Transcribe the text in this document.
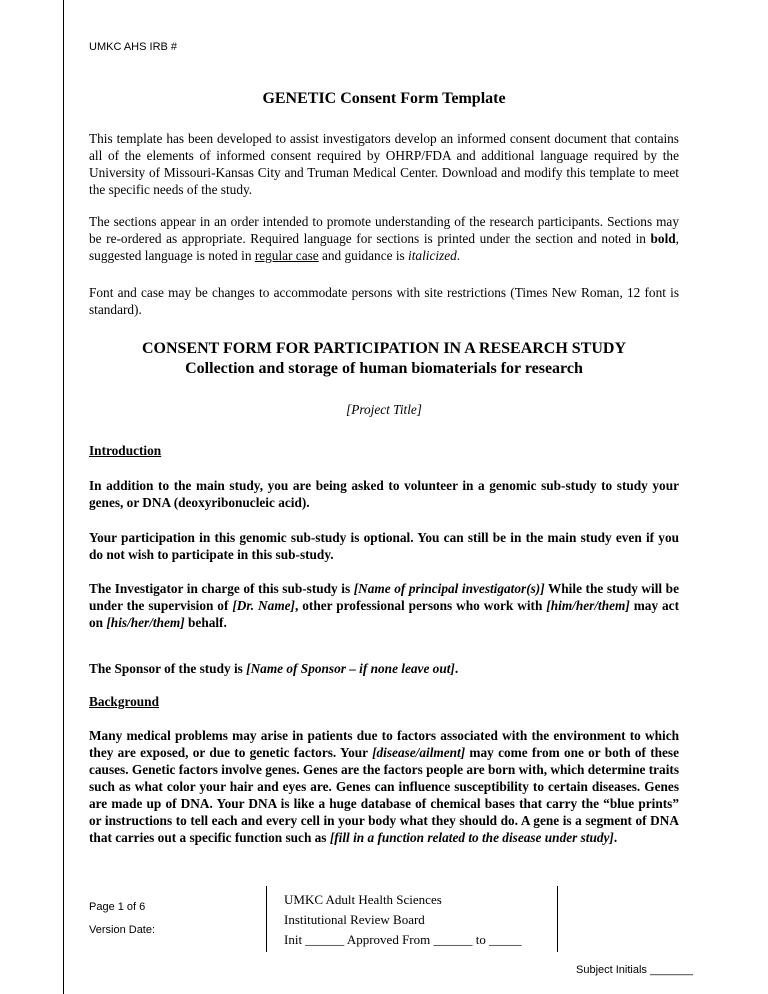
UMKC AHS IRB #
GENETIC Consent Form Template

This template has been developed to assist investigators develop an informed consent document that contains all of the elements of informed consent required by OHRP/FDA and additional language required by the University of Missouri-Kansas City and Truman Medical Center. Download and modify this template to meet the specific needs of the study.

The sections appear in an order intended to promote understanding of the research participants. Sections may be re-ordered as appropriate. Required language for sections is printed under the section and noted in bold, suggested language is noted in regular case and guidance is italicized.

Font and case may be changes to accommodate persons with site restrictions (Times New Roman, 12 font is standard).

CONSENT FORM FOR PARTICIPATION IN A RESEARCH STUDY
Collection and storage of human biomaterials for research
[Project Title]
Introduction

In addition to the main study, you are being asked to volunteer in a genomic sub-study to study your genes, or DNA (deoxyribonucleic acid).

Your participation in this genomic sub-study is optional. You can still be in the main study even if you do not wish to participate in this sub-study.

The Investigator in charge of this sub-study is [Name of principal investigator(s)] While the study will be under the supervision of [Dr. Name], other professional persons who work with [him/her/them] may act on [his/her/them] behalf.

The Sponsor of the study is [Name of Sponsor – if none leave out].

Background

Many medical problems may arise in patients due to factors associated with the environment to which they are exposed, or due to genetic factors. Your [disease/ailment] may come from one or both of these causes. Genetic factors involve genes. Genes are the factors people are born with, which determine traits such as what color your hair and eyes are. Genes can influence susceptibility to certain diseases. Genes are made up of DNA. Your DNA is like a huge database of chemical bases that carry the “blue prints” or instructions to tell each and every cell in your body what they should do. A gene is a segment of DNA that carries out a specific function such as [fill in a function related to the disease under study].

Page 1 of 6
Version Date:
UMKC Adult Health Sciences
Institutional Review Board
Init ______ Approved From ______ to _____
Subject Initials _______
